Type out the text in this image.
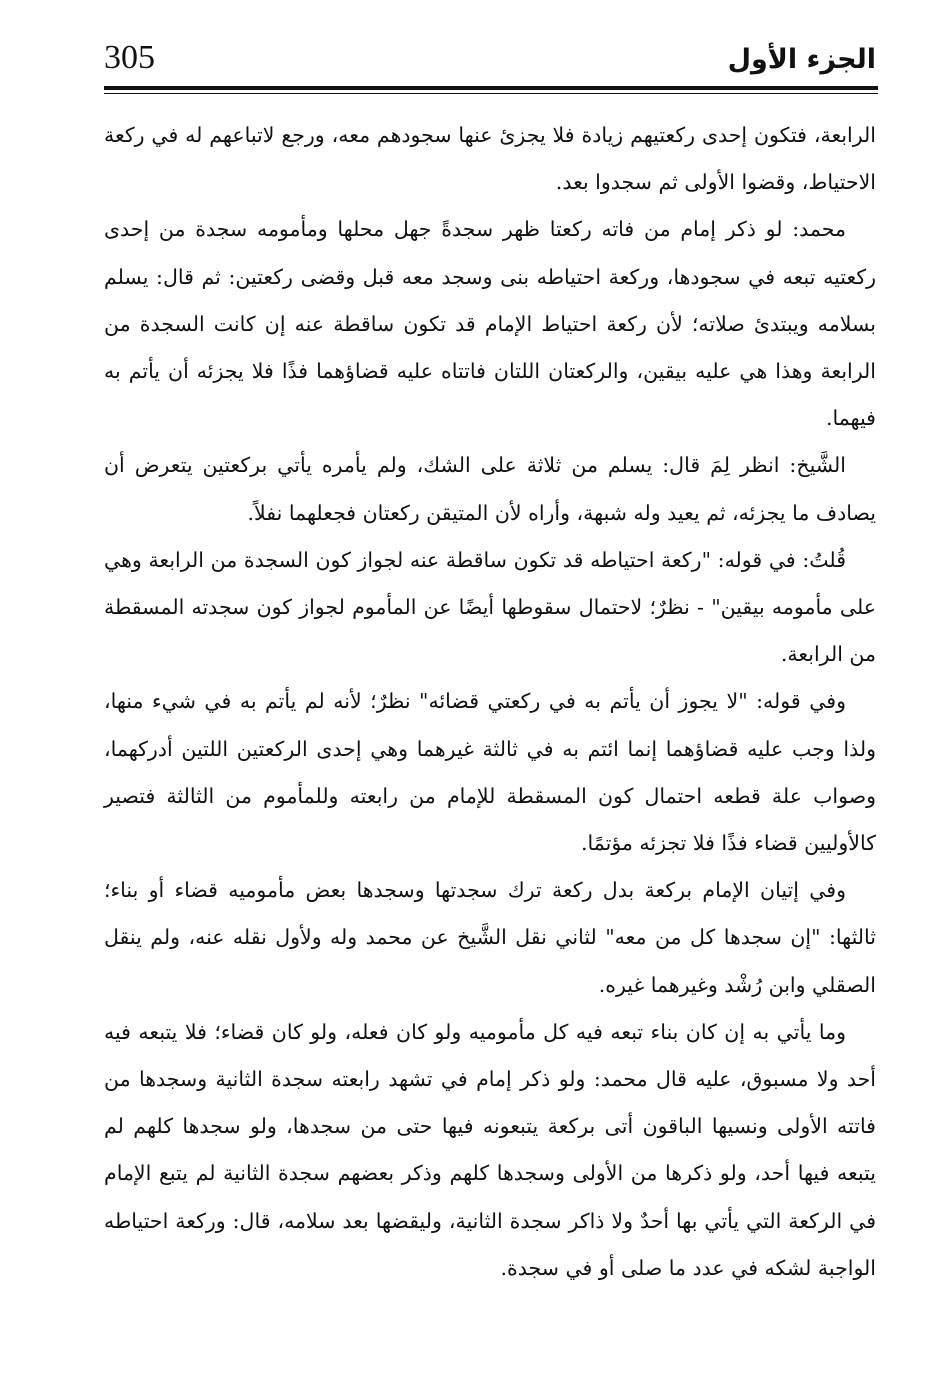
305	الجزء الأول

الرابعة، فتكون إحدى ركعتيهم زيادة فلا يجزئ عنها سجودهم معه، ورجع لاتباعهم له في ركعة الاحتياط، وقضوا الأولى ثم سجدوا بعد.

محمد: لو ذكر إمام من فاته ركعتا ظهر سجدةً جهل محلها ومأمومه سجدة من إحدى ركعتيه تبعه في سجودها، وركعة احتياطه بنى وسجد معه قبل وقضى ركعتين: ثم قال: يسلم بسلامه ويبتدئ صلاته؛ لأن ركعة احتياط الإمام قد تكون ساقطة عنه إن كانت السجدة من الرابعة وهذا هي عليه بيقين، والركعتان اللتان فاتتاه عليه قضاؤهما فذًا فلا يجزئه أن يأتم به فيهما.

الشَّيخ: انظر لِمَ قال: يسلم من ثلاثة على الشك، ولم يأمره يأتي بركعتين يتعرض أن يصادف ما يجزئه، ثم يعيد وله شبهة، وأراه لأن المتيقن ركعتان فجعلهما نفلاً.

قُلتُ: في قوله: "ركعة احتياطه قد تكون ساقطة عنه لجواز كون السجدة من الرابعة وهي على مأمومه بيقين" - نظرٌ؛ لاحتمال سقوطها أيضًا عن المأموم لجواز كون سجدته المسقطة من الرابعة.

وفي قوله: "لا يجوز أن يأتم به في ركعتي قضائه" نظرٌ؛ لأنه لم يأتم به في شيء منها، ولذا وجب عليه قضاؤهما إنما ائتم به في ثالثة غيرهما وهي إحدى الركعتين اللتين أدركهما، وصواب علة قطعه احتمال كون المسقطة للإمام من رابعته وللمأموم من الثالثة فتصير كالأوليين قضاء فذًا فلا تجزئه مؤتمًا.

وفي إتيان الإمام بركعة بدل ركعة ترك سجدتها وسجدها بعض مأموميه قضاء أو بناء؛ ثالثها: "إن سجدها كل من معه" لثاني نقل الشَّيخ عن محمد وله ولأول نقله عنه، ولم ينقل الصقلي وابن رُشْد وغيرهما غيره.

وما يأتي به إن كان بناء تبعه فيه كل مأموميه ولو كان فعله، ولو كان قضاء؛ فلا يتبعه فيه أحد ولا مسبوق، عليه قال محمد: ولو ذكر إمام في تشهد رابعته سجدة الثانية وسجدها من فاتته الأولى ونسيها الباقون أتى بركعة يتبعونه فيها حتى من سجدها، ولو سجدها كلهم لم يتبعه فيها أحد، ولو ذكرها من الأولى وسجدها كلهم وذكر بعضهم سجدة الثانية لم يتبع الإمام في الركعة التي يأتي بها أحدٌ ولا ذاكر سجدة الثانية، وليقضها بعد سلامه، قال: وركعة احتياطه الواجبة لشكه في عدد ما صلى أو في سجدة.
